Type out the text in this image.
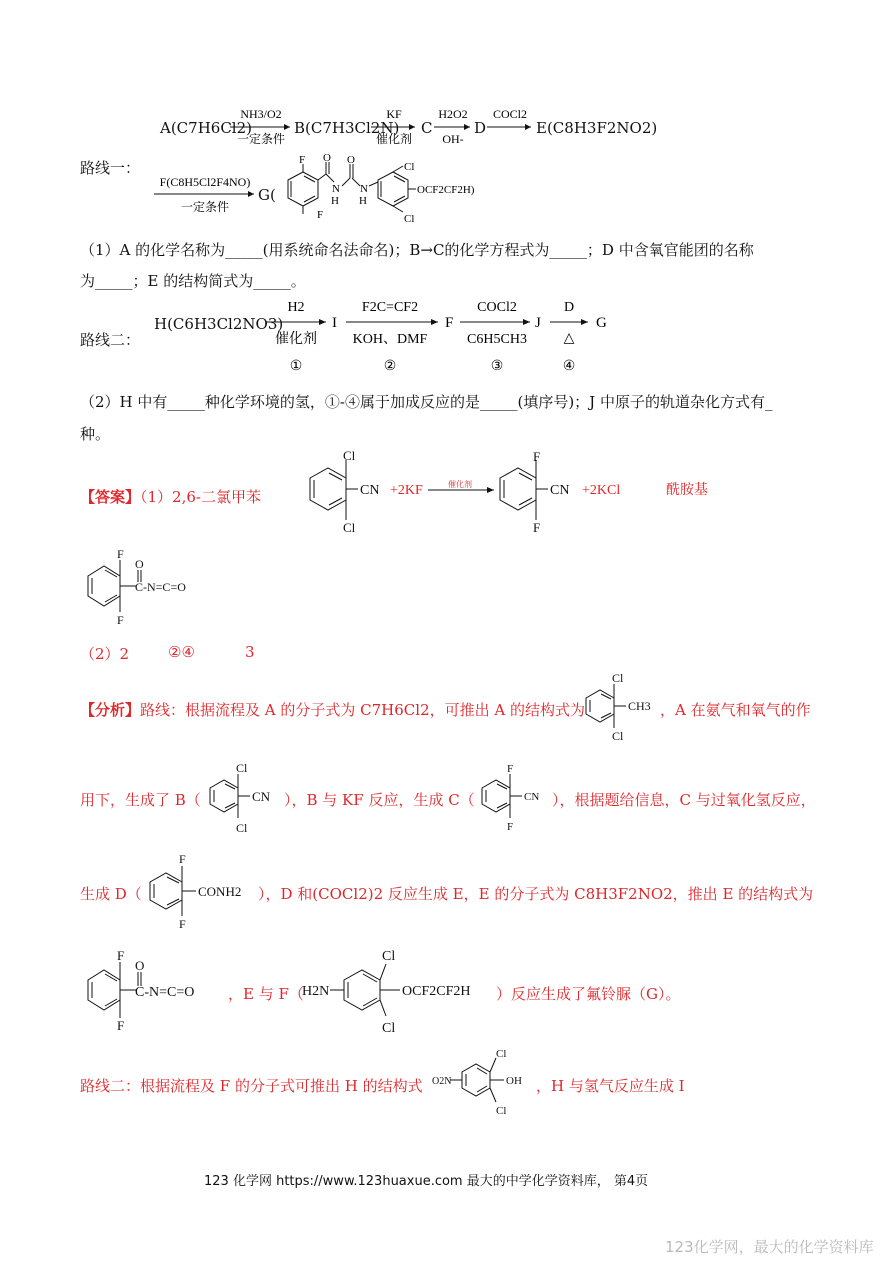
A(C7H6Cl2)
NH3/O2
一定条件
B(C7H3Cl2N)
KF
催化剂
C
H2O2
OH-
D
COCl2
E(C8H3F2NO2)
路线一：
F(C8H5Cl2F4NO)
一定条件
G(
F
F
O
N
H
O
N
H
Cl
Cl
OCF2CF2H)
（1）A 的化学名称为_____(用系统命名法命名)；B→C的化学方程式为_____；D 中含氧官能团的名称
为_____；E 的结构简式为_____。
路线二：
H(C6H3Cl2NO3)
H2
催化剂
①
I
F2C=CF2
KOH、DMF
②
F
COCl2
C6H5CH3
③
J
D
△
④
G
（2）H 中有_____种化学环境的氢，①-④属于加成反应的是_____(填序号)；J 中原子的轨道杂化方式有_
种。
【答案】（1）2,6-二氯甲苯
Cl
Cl
CN +2KF	催化剂
F
F
CN +2KCl	酰胺基
F
F
O
C-N=C=O
（2）2	②④	3
【分析】路线：根据流程及 A 的分子式为 C7H6Cl2，可推出 A 的结构式为
Cl
Cl
CH3 ，A 在氨气和氧气的作
用下，生成了 B（
Cl
Cl
CN ），B 与 KF 反应，生成 C（
F
F
CN ），根据题给信息，C 与过氧化氢反应，
生成 D（
F
F
CONH2 ），D 和(COCl2)2 反应生成 E，E 的分子式为 C8H3F2NO2，推出 E 的结构式为
F
F
O
C-N=C=O ，E 与 F（
H2N
Cl
Cl
OCF2CF2H ）反应生成了氟铃脲（G）。
路线二：根据流程及 F 的分子式可推出 H 的结构式 O2N
Cl
Cl
OH ，H 与氢气反应生成 I
123 化学网 https://www.123huaxue.com 最大的中学化学资料库， 第4页
123化学网，最大的化学资料库
